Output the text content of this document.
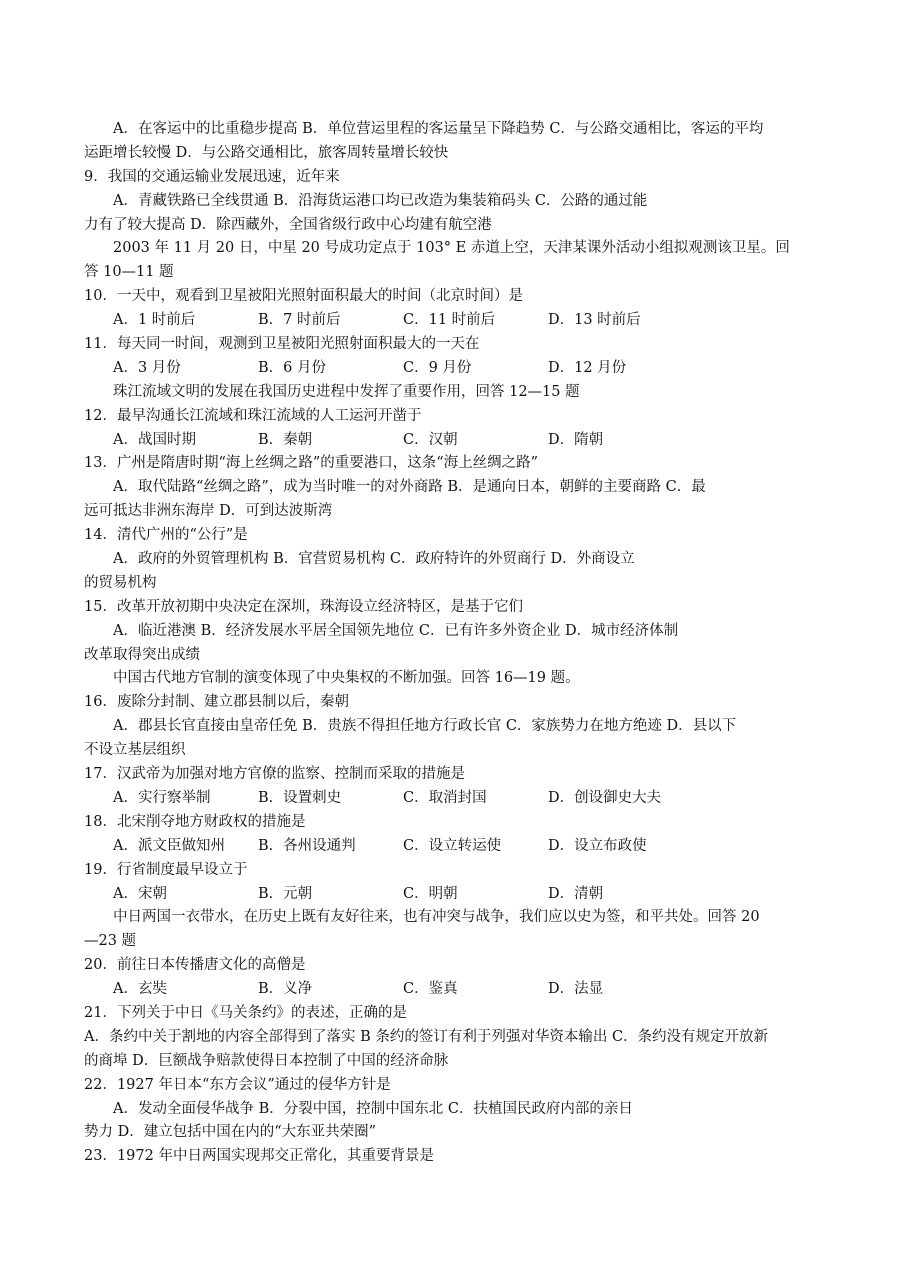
A．在客运中的比重稳步提高 B．单位营运里程的客运量呈下降趋势 C．与公路交通相比，客运的平均
运距增长较慢 D．与公路交通相比，旅客周转量增长较快
9．我国的交通运输业发展迅速，近年来
A．青藏铁路已全线贯通 B．沿海货运港口均已改造为集装箱码头 C．公路的通过能
力有了较大提高 D．除西藏外，全国省级行政中心均建有航空港
2003 年 11 月 20 日，中星 20 号成功定点于 103° E 赤道上空，天津某课外活动小组拟观测该卫星。回
答 10—11 题
10．一天中，观看到卫星被阳光照射面积最大的时间（北京时间）是
A．1 时前后	B．7 时前后	C．11 时前后	D．13 时前后
11．每天同一时间，观测到卫星被阳光照射面积最大的一天在
A．3 月份	B．6 月份	C．9 月份	D．12 月份
珠江流域文明的发展在我国历史进程中发挥了重要作用，回答 12—15 题
12．最早沟通长江流域和珠江流域的人工运河开凿于
A．战国时期	B．秦朝	C．汉朝	D．隋朝
13．广州是隋唐时期“海上丝绸之路”的重要港口，这条“海上丝绸之路”
A．取代陆路“丝绸之路”，成为当时唯一的对外商路 B．是通向日本，朝鲜的主要商路 C．最
远可抵达非洲东海岸 D．可到达波斯湾
14．清代广州的“公行”是
A．政府的外贸管理机构 B．官营贸易机构 C．政府特许的外贸商行 D．外商设立
的贸易机构
15．改革开放初期中央决定在深圳，珠海设立经济特区，是基于它们
A．临近港澳 B．经济发展水平居全国领先地位 C．已有许多外资企业 D．城市经济体制
改革取得突出成绩
中国古代地方官制的演变体现了中央集权的不断加强。回答 16—19 题。
16．废除分封制、建立郡县制以后，秦朝
A．郡县长官直接由皇帝任免 B．贵族不得担任地方行政长官 C．家族势力在地方绝迹 D．县以下
不设立基层组织
17．汉武帝为加强对地方官僚的监察、控制而采取的措施是
A．实行察举制	B．设置刺史	C．取消封国	D．创设御史大夫
18．北宋削夺地方财政权的措施是
A．派文臣做知州	B．各州设通判	C．设立转运使	D．设立布政使
19．行省制度最早设立于
A．宋朝	B．元朝	C．明朝	D．清朝
中日两国一衣带水，在历史上既有友好往来，也有冲突与战争，我们应以史为签，和平共处。回答 20
—23 题
20．前往日本传播唐文化的高僧是
A．玄奘	B．义净	C．鉴真	D．法显
21．下列关于中日《马关条约》的表述，正确的是
A．条约中关于割地的内容全部得到了落实 B 条约的签订有利于列强对华资本输出 C．条约没有规定开放新
的商埠 D．巨额战争赔款使得日本控制了中国的经济命脉
22．1927 年日本“东方会议”通过的侵华方针是
A．发动全面侵华战争 B．分裂中国，控制中国东北 C．扶植国民政府内部的亲日
势力 D．建立包括中国在内的“大东亚共荣圈”
23．1972 年中日两国实现邦交正常化，其重要背景是
